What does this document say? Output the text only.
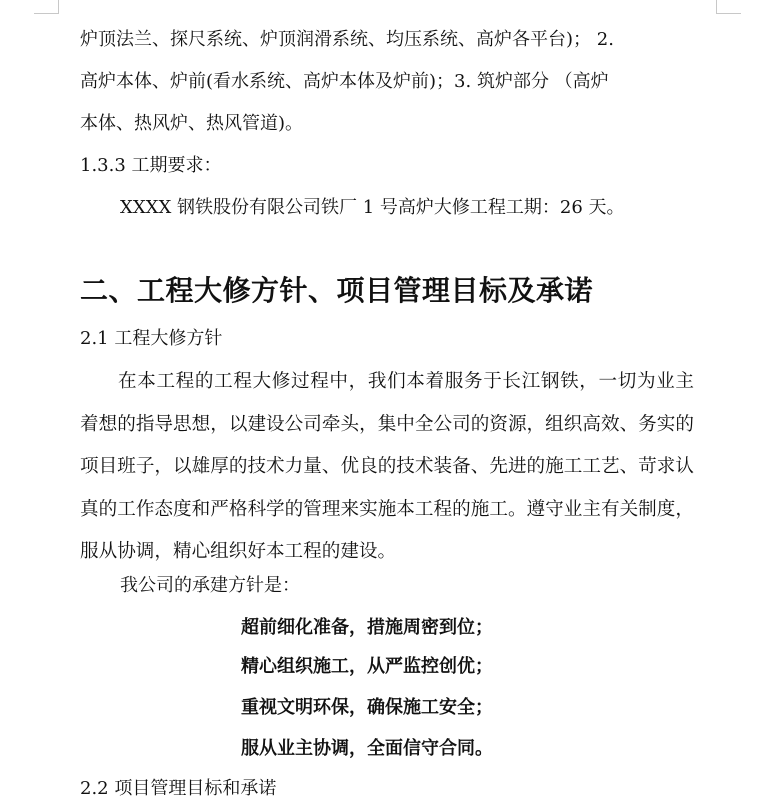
炉顶法兰、探尺系统、炉顶润滑系统、均压系统、高炉各平台)； 2.

高炉本体、炉前(看水系统、高炉本体及炉前)；3. 筑炉部分 （高炉

本体、热风炉、热风管道)。

1.3.3 工期要求：

XXXX 钢铁股份有限公司铁厂 1 号高炉大修工程工期：26 天。

二、工程大修方针、项目管理目标及承诺

2.1 工程大修方针

在本工程的工程大修过程中，我们本着服务于长江钢铁，一切为业主着想的指导思想，以建设公司牵头，集中全公司的资源，组织高效、务实的项目班子，以雄厚的技术力量、优良的技术装备、先进的施工工艺、苛求认真的工作态度和严格科学的管理来实施本工程的施工。遵守业主有关制度，服从协调，精心组织好本工程的建设。

我公司的承建方针是：

超前细化准备，措施周密到位；

精心组织施工，从严监控创优；

重视文明环保，确保施工安全；

服从业主协调，全面信守合同。

2.2 项目管理目标和承诺
